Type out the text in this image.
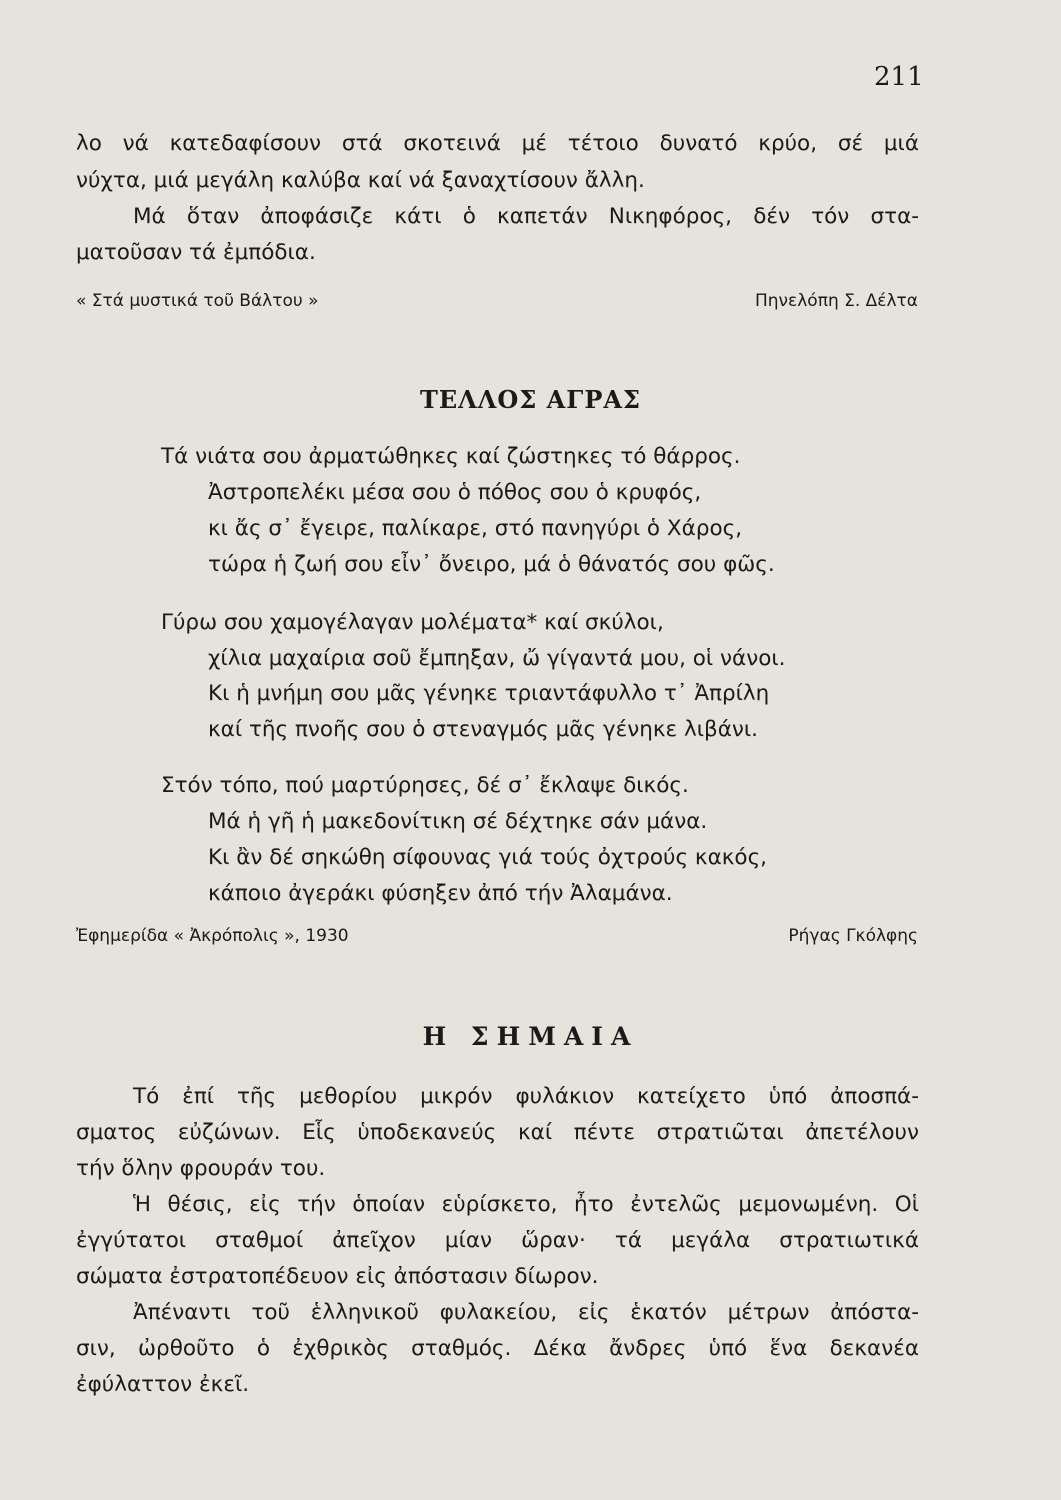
211
λο νά κατεδαφίσουν στά σκοτεινά μέ τέτοιο δυνατό κρύο, σέ μιά
νύχτα, μιά μεγάλη καλύβα καί νά ξαναχτίσουν ἄλλη.
Μά ὅταν ἀποφάσιζε κάτι ὁ καπετάν Νικηφόρος, δέν τόν στα-
ματοῦσαν τά ἐμπόδια.
« Στά μυστικά τοῦ Βάλτου »	Πηνελόπη Σ. Δέλτα
ΤΕΛΛΟΣ ΑΓΡΑΣ
Τά νιάτα σου ἀρματώθηκες καί ζώστηκες τό θάρρος.
Ἀστροπελέκι μέσα σου ὁ πόθος σου ὁ κρυφός,
κι ἄς σ᾿ ἔγειρε, παλίκαρε, στό πανηγύρι ὁ Χάρος,
τώρα ἡ ζωή σου εἶν᾿ ὄνειρο, μά ὁ θάνατός σου φῶς.
Γύρω σου χαμογέλαγαν μολέματα* καί σκύλοι,
χίλια μαχαίρια σοῦ ἔμπηξαν, ὤ γίγαντά μου, οἱ νάνοι.
Κι ἡ μνήμη σου μᾶς γένηκε τριαντάφυλλο τ᾿ Ἀπρίλη
καί τῆς πνοῆς σου ὁ στεναγμός μᾶς γένηκε λιβάνι.
Στόν τόπο, πού μαρτύρησες, δέ σ᾿ ἔκλαψε δικός.
Μά ἡ γῆ ἡ μακεδονίτικη σέ δέχτηκε σάν μάνα.
Κι ἂν δέ σηκώθη σίφουνας γιά τούς ὀχτρούς κακός,
κάποιο ἀγεράκι φύσηξεν ἀπό τήν Ἀλαμάνα.
Ἐφημερίδα « Ἀκρόπολις », 1930	Ρήγας Γκόλφης
Η ΣΗΜΑΙΑ
Τό ἐπί τῆς μεθορίου μικρόν φυλάκιον κατείχετο ὑπό ἀποσπά-
σματος εὐζώνων. Εἷς ὑποδεκανεύς καί πέντε στρατιῶται ἀπετέλουν
τήν ὅλην φρουράν του.
Ἡ θέσις, εἰς τήν ὁποίαν εὑρίσκετο, ἦτο ἐντελῶς μεμονωμένη. Οἱ
ἐγγύτατοι σταθμοί ἀπεῖχον μίαν ὥραν· τά μεγάλα στρατιωτικά
σώματα ἐστρατοπέδευον εἰς ἀπόστασιν δίωρον.
Ἀπέναντι τοῦ ἑλληνικοῦ φυλακείου, εἰς ἑκατόν μέτρων ἀπόστα-
σιν, ὠρθοῦτο ὁ ἐχθρικὸς σταθμός. Δέκα ἄνδρες ὑπό ἕνα δεκανέα
ἐφύλαττον ἐκεῖ.
